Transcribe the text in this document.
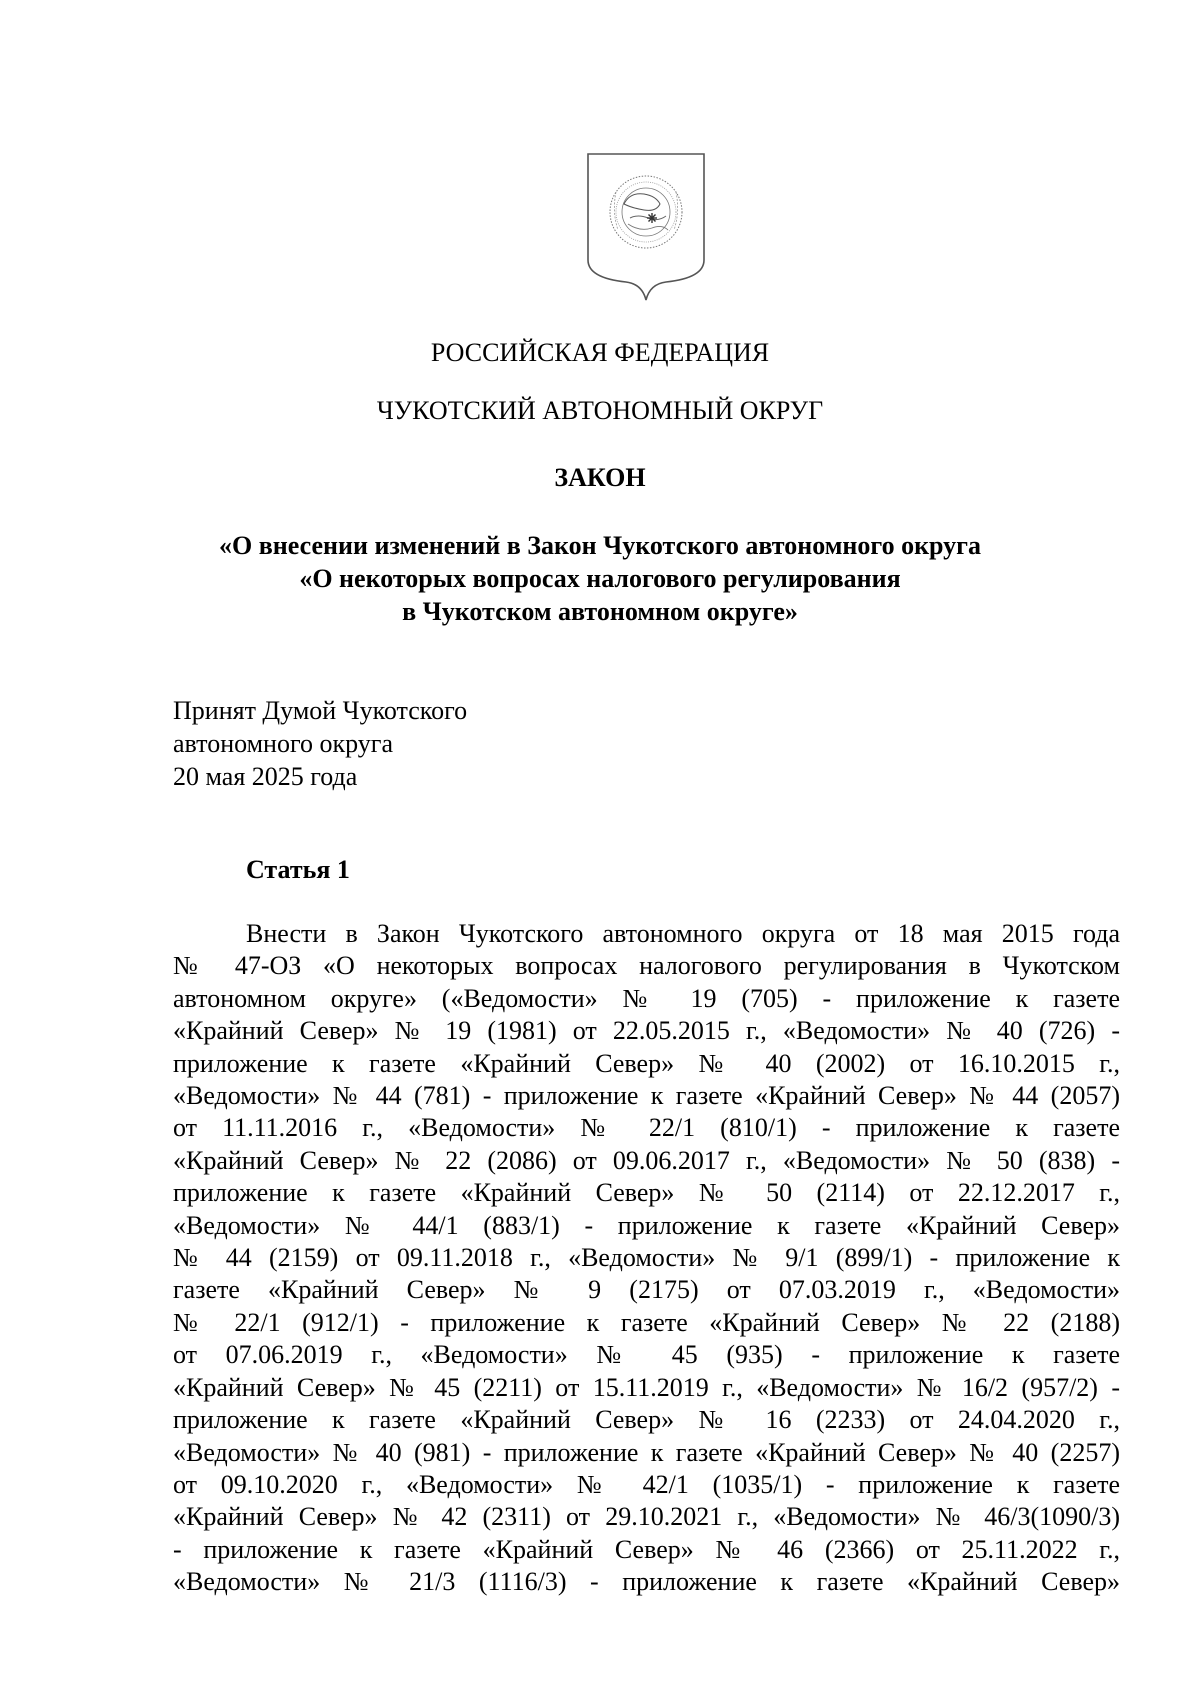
РОССИЙСКАЯ ФЕДЕРАЦИЯ
ЧУКОТСКИЙ АВТОНОМНЫЙ ОКРУГ
ЗАКОН
«О внесении изменений в Закон Чукотского автономного округа
«О некоторых вопросах налогового регулирования
в Чукотском автономном округе»
Принят Думой Чукотского
автономного округа
20 мая 2025 года
Статья 1
Внести в Закон Чукотского автономного округа от 18 мая 2015 года
№ 47-ОЗ «О некоторых вопросах налогового регулирования в Чукотском
автономном округе» («Ведомости» № 19 (705) - приложение к газете
«Крайний Север» № 19 (1981) от 22.05.2015 г., «Ведомости» № 40 (726) -
приложение к газете «Крайний Север» № 40 (2002) от 16.10.2015 г.,
«Ведомости» № 44 (781) - приложение к газете «Крайний Север» № 44 (2057)
от 11.11.2016 г., «Ведомости» № 22/1 (810/1) - приложение к газете
«Крайний Север» № 22 (2086) от 09.06.2017 г., «Ведомости» № 50 (838) -
приложение к газете «Крайний Север» № 50 (2114) от 22.12.2017 г.,
«Ведомости» № 44/1 (883/1) - приложение к газете «Крайний Север»
№ 44 (2159) от 09.11.2018 г., «Ведомости» № 9/1 (899/1) - приложение к
газете «Крайний Север» № 9 (2175) от 07.03.2019 г., «Ведомости»
№ 22/1 (912/1) - приложение к газете «Крайний Север» № 22 (2188)
от 07.06.2019 г., «Ведомости» № 45 (935) - приложение к газете
«Крайний Север» № 45 (2211) от 15.11.2019 г., «Ведомости» № 16/2 (957/2) -
приложение к газете «Крайний Север» № 16 (2233) от 24.04.2020 г.,
«Ведомости» № 40 (981) - приложение к газете «Крайний Север» № 40 (2257)
от 09.10.2020 г., «Ведомости» № 42/1 (1035/1) - приложение к газете
«Крайний Север» № 42 (2311) от 29.10.2021 г., «Ведомости» № 46/3(1090/3)
- приложение к газете «Крайний Север» № 46 (2366) от 25.11.2022 г.,
«Ведомости» № 21/3 (1116/3) - приложение к газете «Крайний Север»
